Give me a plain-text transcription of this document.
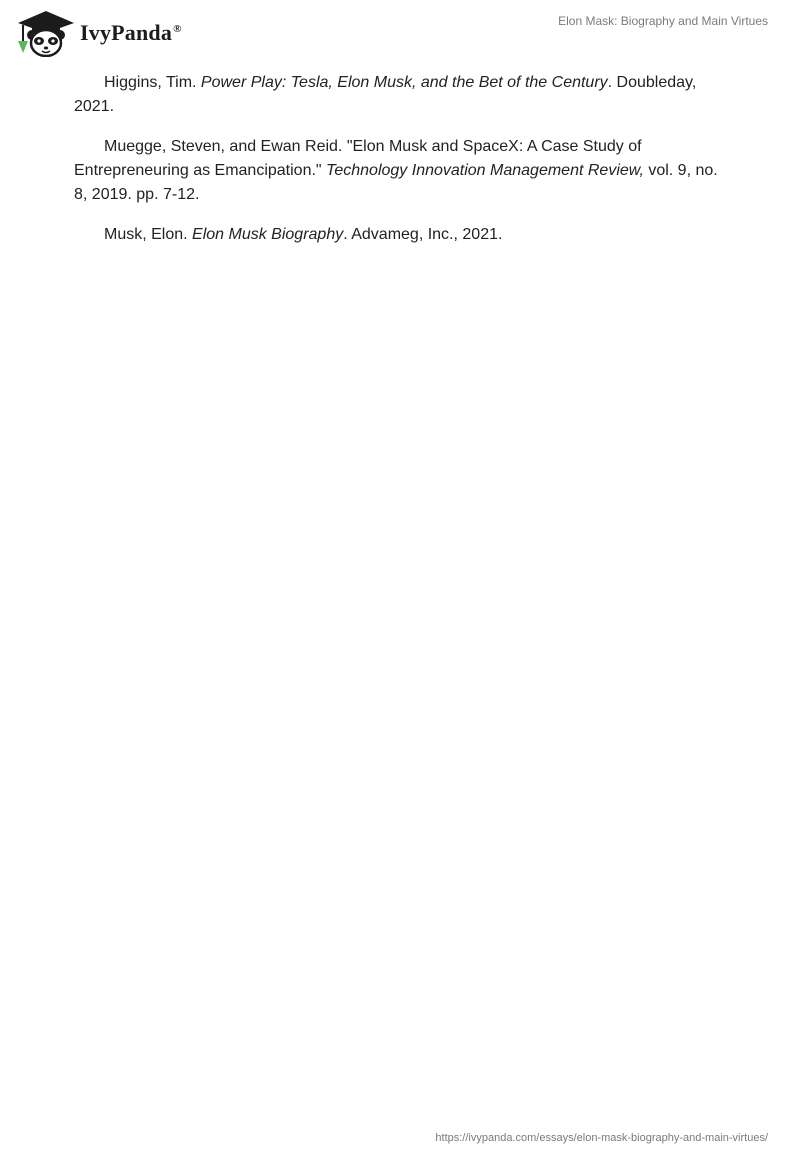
IvyPanda®
Elon Mask: Biography and Main Virtues

Higgins, Tim. Power Play: Tesla, Elon Musk, and the Bet of the Century. Doubleday, 2021.

Muegge, Steven, and Ewan Reid. "Elon Musk and SpaceX: A Case Study of Entrepreneuring as Emancipation." Technology Innovation Management Review, vol. 9, no. 8, 2019. pp. 7-12.

Musk, Elon. Elon Musk Biography. Advameg, Inc., 2021.

https://ivypanda.com/essays/elon-mask-biography-and-main-virtues/
